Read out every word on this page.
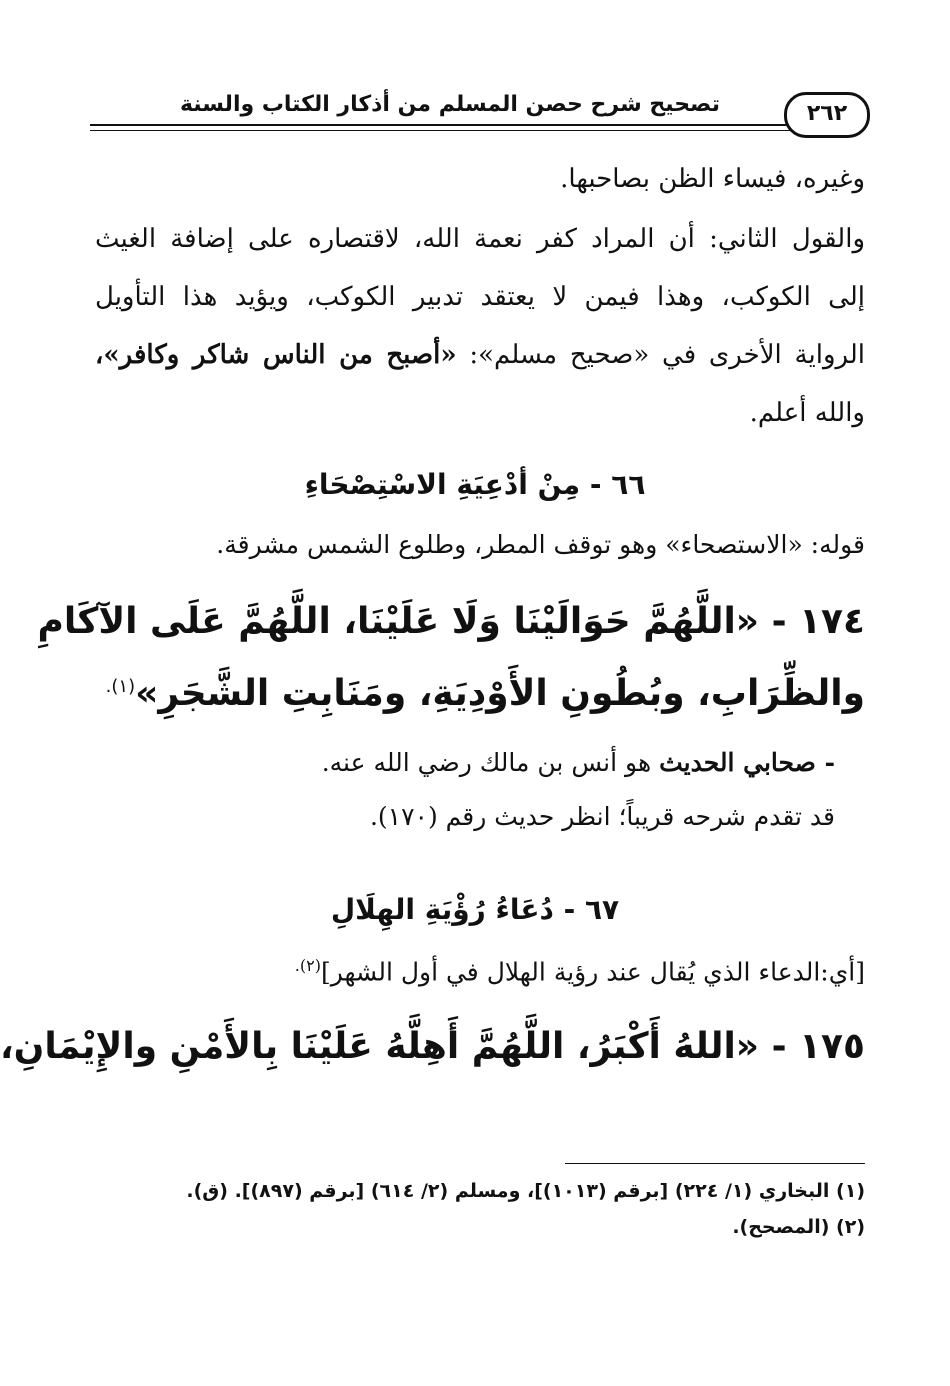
٢٦٢
تصحيح شرح حصن المسلم من أذكار الكتاب والسنة
وغيره، فيساء الظن بصاحبها.
والقول الثاني: أن المراد كفر نعمة الله، لاقتصاره على إضافة الغيث
إلى الكوكب، وهذا فيمن لا يعتقد تدبير الكوكب، ويؤيد هذا التأويل
الرواية الأخرى في «صحيح مسلم»: «أصبح من الناس شاكر وكافر»،
والله أعلم.
٦٦ - مِنْ أدْعِيَةِ الاسْتِصْحَاءِ
قوله: «الاستصحاء» وهو توقف المطر، وطلوع الشمس مشرقة.
١٧٤ - «اللَّهُمَّ حَوَالَيْنَا وَلَا عَلَيْنَا، اللَّهُمَّ عَلَى الآكَامِ
والظِّرَابِ، وبُطُونِ الأَوْدِيَةِ، ومَنَابِتِ الشَّجَرِ»$^{(١).}$
- صحابي الحديث هو أنس بن مالك رضي الله عنه.
قد تقدم شرحه قريباً؛ انظر حديث رقم (١٧٠).
٦٧ - دُعَاءُ رُؤْيَةِ الهِلَالِ
[أي:الدعاء الذي يُقال عند رؤية الهلال في أول الشهر]$^{(٢).}$
١٧٥ - «اللهُ أَكْبَرُ، اللَّهُمَّ أَهِلَّهُ عَلَيْنَا بِالأَمْنِ والإِيْمَانِ،
(١) البخاري (١/ ٢٢٤) [برقم (١٠١٣)]، ومسلم (٢/ ٦١٤) [برقم (٨٩٧)]. (ق).
(٢) (المصحح).
